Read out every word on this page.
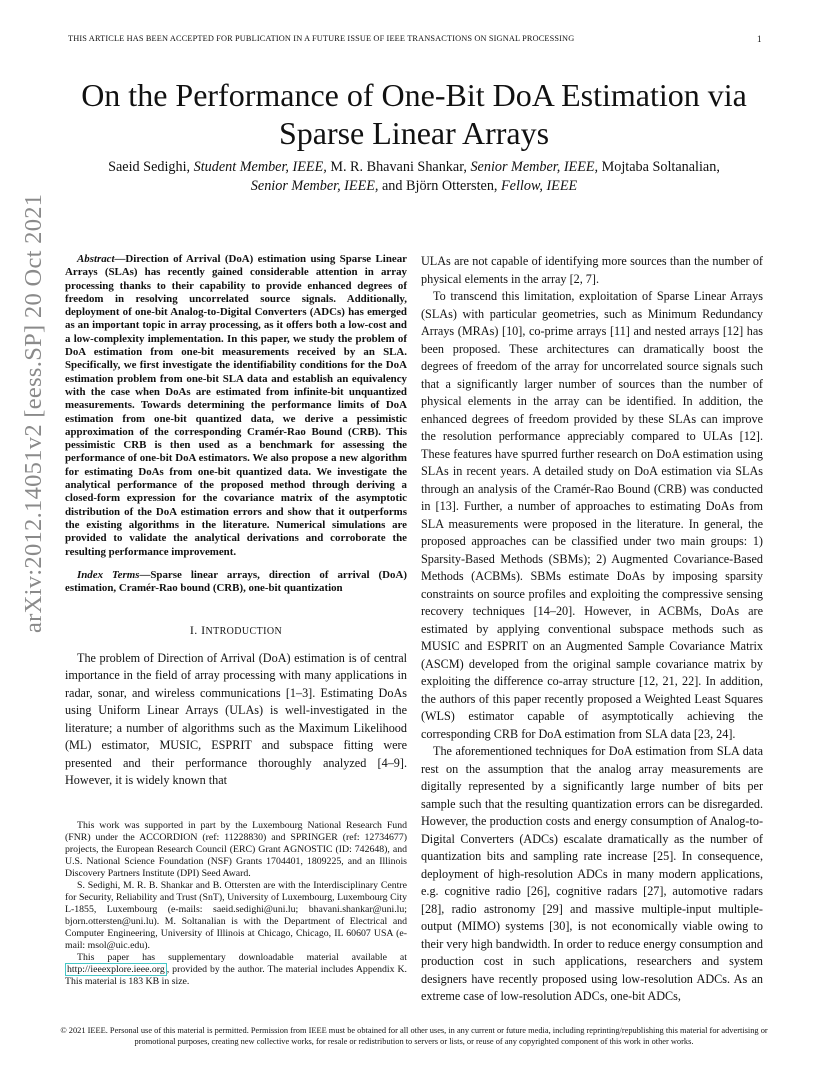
THIS ARTICLE HAS BEEN ACCEPTED FOR PUBLICATION IN A FUTURE ISSUE OF IEEE TRANSACTIONS ON SIGNAL PROCESSING	1
arXiv:2012.14051v2 [eess.SP] 20 Oct 2021
On the Performance of One-Bit DoA Estimation via Sparse Linear Arrays
Saeid Sedighi, Student Member, IEEE, M. R. Bhavani Shankar, Senior Member, IEEE, Mojtaba Soltanalian, Senior Member, IEEE, and Björn Ottersten, Fellow, IEEE

Abstract—Direction of Arrival (DoA) estimation using Sparse Linear Arrays (SLAs) has recently gained considerable attention in array processing thanks to their capability to provide enhanced degrees of freedom in resolving uncorrelated source signals. Additionally, deployment of one-bit Analog-to-Digital Converters (ADCs) has emerged as an important topic in array processing, as it offers both a low-cost and a low-complexity implementation. In this paper, we study the problem of DoA estimation from one-bit measurements received by an SLA. Specifically, we first investigate the identifiability conditions for the DoA estimation problem from one-bit SLA data and establish an equivalency with the case when DoAs are estimated from infinite-bit unquantized measurements. Towards determining the performance limits of DoA estimation from one-bit quantized data, we derive a pessimistic approximation of the corresponding Cramér-Rao Bound (CRB). This pessimistic CRB is then used as a benchmark for assessing the performance of one-bit DoA estimators. We also propose a new algorithm for estimating DoAs from one-bit quantized data. We investigate the analytical performance of the proposed method through deriving a closed-form expression for the covariance matrix of the asymptotic distribution of the DoA estimation errors and show that it outperforms the existing algorithms in the literature. Numerical simulations are provided to validate the analytical derivations and corroborate the resulting performance improvement.

Index Terms—Sparse linear arrays, direction of arrival (DoA) estimation, Cramér-Rao bound (CRB), one-bit quantization

I. INTRODUCTION

The problem of Direction of Arrival (DoA) estimation is of central importance in the field of array processing with many applications in radar, sonar, and wireless communications [1–3]. Estimating DoAs using Uniform Linear Arrays (ULAs) is well-investigated in the literature; a number of algorithms such as the Maximum Likelihood (ML) estimator, MUSIC, ESPRIT and subspace fitting were presented and their performance thoroughly analyzed [4–9]. However, it is widely known that

This work was supported in part by the Luxembourg National Research Fund (FNR) under the ACCORDION (ref: 11228830) and SPRINGER (ref: 12734677) projects, the European Research Council (ERC) Grant AGNOSTIC (ID: 742648), and U.S. National Science Foundation (NSF) Grants 1704401, 1809225, and an Illinois Discovery Partners Institute (DPI) Seed Award.

S. Sedighi, M. R. B. Shankar and B. Ottersten are with the Interdisciplinary Centre for Security, Reliability and Trust (SnT), University of Luxembourg, Luxembourg City L-1855, Luxembourg (e-mails: saeid.sedighi@uni.lu; bhavani.shankar@uni.lu; bjorn.ottersten@uni.lu). M. Soltanalian is with the Department of Electrical and Computer Engineering, University of Illinois at Chicago, Chicago, IL 60607 USA (e-mail: msol@uic.edu).

This paper has supplementary downloadable material available at http://ieeexplore.ieee.org , provided by the author. The material includes Appendix K. This material is 183 KB in size.

ULAs are not capable of identifying more sources than the number of physical elements in the array [2, 7].

To transcend this limitation, exploitation of Sparse Linear Arrays (SLAs) with particular geometries, such as Minimum Redundancy Arrays (MRAs) [10], co-prime arrays [11] and nested arrays [12] has been proposed. These architectures can dramatically boost the degrees of freedom of the array for uncorrelated source signals such that a significantly larger number of sources than the number of physical elements in the array can be identified. In addition, the enhanced degrees of freedom provided by these SLAs can improve the resolution performance appreciably compared to ULAs [12]. These features have spurred further research on DoA estimation using SLAs in recent years. A detailed study on DoA estimation via SLAs through an analysis of the Cramér-Rao Bound (CRB) was conducted in [13]. Further, a number of approaches to estimating DoAs from SLA measurements were proposed in the literature. In general, the proposed approaches can be classified under two main groups: 1) Sparsity-Based Methods (SBMs); 2) Augmented Covariance-Based Methods (ACBMs). SBMs estimate DoAs by imposing sparsity constraints on source profiles and exploiting the compressive sensing recovery techniques [14–20]. However, in ACBMs, DoAs are estimated by applying conventional subspace methods such as MUSIC and ESPRIT on an Augmented Sample Covariance Matrix (ASCM) developed from the original sample covariance matrix by exploiting the difference co-array structure [12, 21, 22]. In addition, the authors of this paper recently proposed a Weighted Least Squares (WLS) estimator capable of asymptotically achieving the corresponding CRB for DoA estimation from SLA data [23, 24].

The aforementioned techniques for DoA estimation from SLA data rest on the assumption that the analog array measurements are digitally represented by a significantly large number of bits per sample such that the resulting quantization errors can be disregarded. However, the production costs and energy consumption of Analog-to-Digital Converters (ADCs) escalate dramatically as the number of quantization bits and sampling rate increase [25]. In consequence, deployment of high-resolution ADCs in many modern applications, e.g. cognitive radio [26], cognitive radars [27], automotive radars [28], radio astronomy [29] and massive multiple-input multiple-output (MIMO) systems [30], is not economically viable owing to their very high bandwidth. In order to reduce energy consumption and production cost in such applications, researchers and system designers have recently proposed using low-resolution ADCs. As an extreme case of low-resolution ADCs, one-bit ADCs,

© 2021 IEEE. Personal use of this material is permitted. Permission from IEEE must be obtained for all other uses, in any current or future media, including reprinting/republishing this material for advertising or promotional purposes, creating new collective works, for resale or redistribution to servers or lists, or reuse of any copyrighted component of this work in other works.
